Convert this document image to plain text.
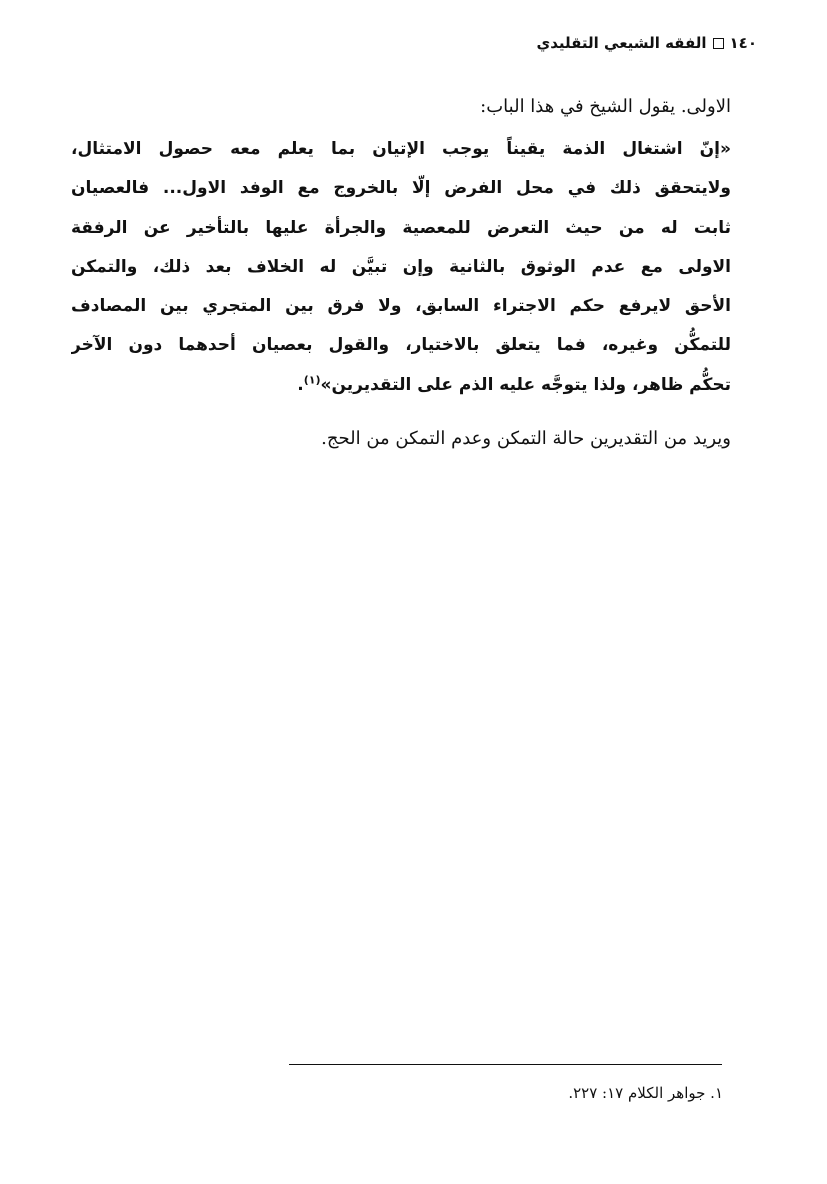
١٤٠الفقه الشيعي التقليدي
الاولى. يقول الشيخ في هذا الباب:
«إنّ اشتغال الذمة يقيناً يوجب الإتيان بما يعلم معه حصول الامتثال،
ولايتحقق ذلك في محل الفرض إلّا بالخروج مع الوفد الاول... فالعصيان
ثابت له من حيث التعرض للمعصية والجرأة عليها بالتأخير عن الرفقة
الاولى مع عدم الوثوق بالثانية وإن تبيَّن له الخلاف بعد ذلك، والتمكن
الأحق لايرفع حكم الاجتراء السابق، ولا فرق بين المتجري بين المصادف
للتمكُّن وغيره، فما يتعلق بالاختيار، والقول بعصيان أحدهما دون الآخر
تحكُّم ظاهر، ولذا يتوجَّه عليه الذم على التقديرين»$^{(١)}$.
ويريد من التقديرين حالة التمكن وعدم التمكن من الحج.
١. جواهر الكلام ١٧: ٢٢٧.
